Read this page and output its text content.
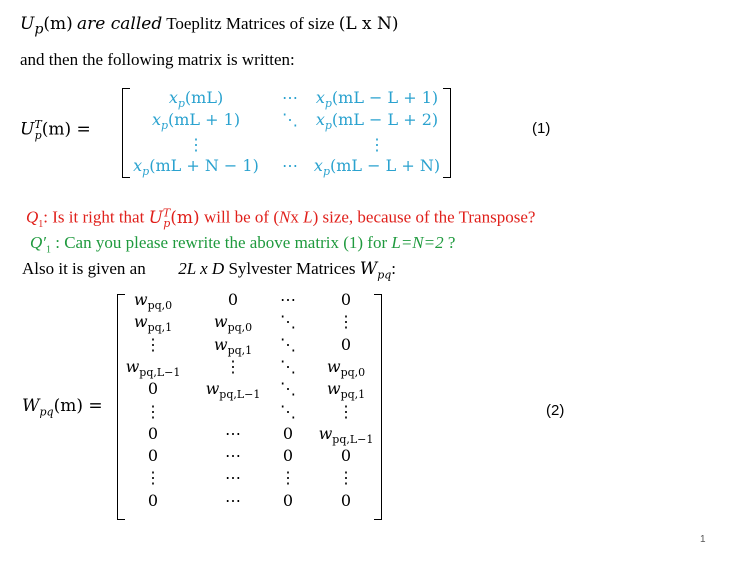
$U_p(m)$ are called Toeplitz Matrices of size (L x N)
and then the following matrix is written:
$U^T_p(m)$ =
$x_p(mL)$	⋯ $x_p(mL - L + 1)$
$x_p(mL + 1)$	⋱ $x_p(mL - L + 2)$
⋮	⋮
$x_p(mL + N - 1)$ ⋯ $x_p(mL - L + N)$
(1)
$Q_1$: Is it right that $U^T_p(m)$ will be of (Nx L) size, because of the Transpose?
$Q'_1$ : Can you please rewrite the above matrix (1) for L=N=2 ?
Also it is given an 2L x D Sylvester Matrices $W_{pq}$:
$W_{pq}(m)$ =
$w_{pq,0}$	0	⋯	0
$w_{pq,1}$	$w_{pq,0}$ ⋱	⋮
⋮	$w_{pq,1}$ ⋱	0
$w_{pq,L-1}$	⋮ ⋱ $w_{pq,0}$
0	$w_{pq,L-1}$ ⋱ $w_{pq,1}$
⋮	⋱	⋮
0	⋯	0 $w_{pq,L-1}$
0	⋯	0	0
⋮	⋯ ⋮	⋮
0	⋯	0	0
(2)
1
